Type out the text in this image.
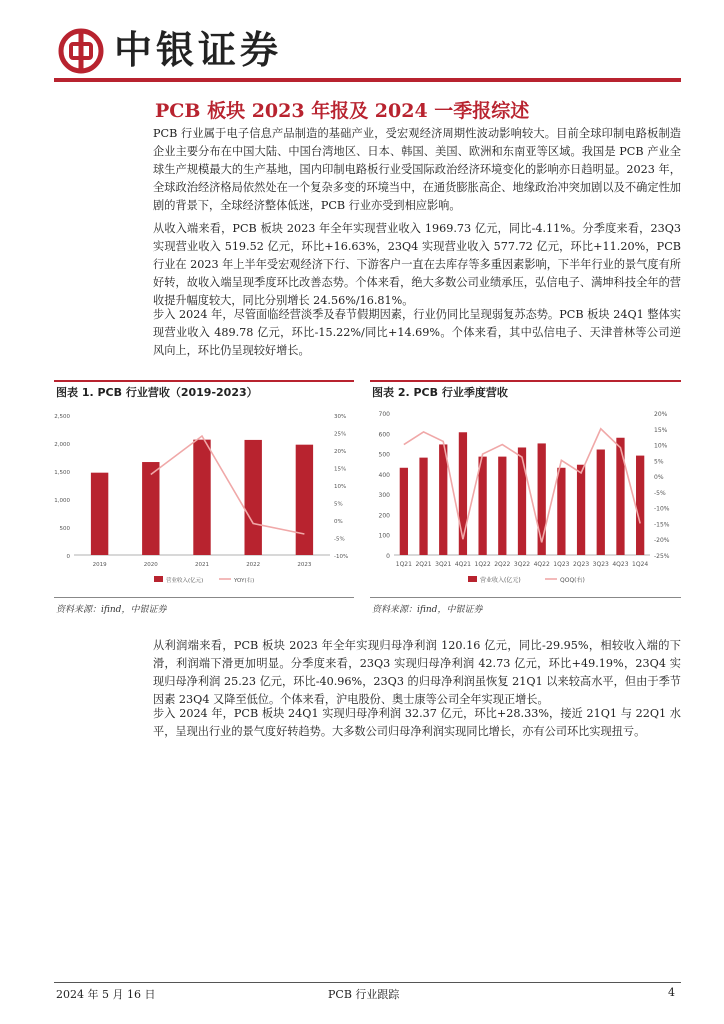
中银证券
PCB 板块 2023 年报及 2024 一季报综述

PCB 行业属于电子信息产品制造的基础产业，受宏观经济周期性波动影响较大。目前全球印制电路板制造企业主要分布在中国大陆、中国台湾地区、日本、韩国、美国、欧洲和东南亚等区域。我国是 PCB 产业全球生产规模最大的生产基地，国内印制电路板行业受国际政治经济环境变化的影响亦日趋明显。2023 年，全球政治经济格局依然处在一个复杂多变的环境当中，在通货膨胀高企、地缘政治冲突加剧以及不确定性加剧的背景下，全球经济整体低迷，PCB 行业亦受到相应影响。

从收入端来看，PCB 板块 2023 年全年实现营业收入 1969.73 亿元，同比-4.11%。分季度来看，23Q3 实现营业收入 519.52 亿元，环比+16.63%，23Q4 实现营业收入 577.72 亿元，环比+11.20%，PCB 行业在 2023 年上半年受宏观经济下行、下游客户一直在去库存等多重因素影响，下半年行业的景气度有所好转，故收入端呈现季度环比改善态势。个体来看，绝大多数公司业绩承压，弘信电子、满坤科技全年的营收提升幅度较大，同比分别增长 24.56%/16.81%。

步入 2024 年，尽管面临经营淡季及春节假期因素，行业仍同比呈现弱复苏态势。PCB 板块 24Q1 整体实现营业收入 489.78 亿元，环比-15.22%/同比+14.69%。个体来看，其中弘信电子、天津普林等公司逆风向上，环比仍呈现较好增长。

图表 1. PCB 行业营收（2019-2023）
0
500
1,000
1,500
2,000
2,500
-10%
-5%
0%
5%
10%
15%
20%
25%
30%
2019	2020	2021	2022	2023
营业收入(亿元)	YOY(右)
资料来源：ifind，中银证券
图表 2. PCB 行业季度营收
0
100
200
300
400
500
600
700
-25%
-20%
-15%
-10%
-5%
0%
5%
10%
15%
20%
1Q21 2Q21 3Q21 4Q21 1Q22 2Q22 3Q22 4Q22 1Q23 2Q23 3Q23 4Q23 1Q24
营业收入(亿元)	QOQ(右)
资料来源：ifind，中银证券

从利润端来看，PCB 板块 2023 年全年实现归母净利润 120.16 亿元，同比-29.95%，相较收入端的下滑，利润端下滑更加明显。分季度来看，23Q3 实现归母净利润 42.73 亿元，环比+49.19%，23Q4 实现归母净利润 25.23 亿元，环比-40.96%，23Q3 的归母净利润虽恢复 21Q1 以来较高水平，但由于季节因素 23Q4 又降至低位。个体来看，沪电股份、奥士康等公司全年实现正增长。

步入 2024 年，PCB 板块 24Q1 实现归母净利润 32.37 亿元，环比+28.33%，接近 21Q1 与 22Q1 水平，呈现出行业的景气度好转趋势。大多数公司归母净利润实现同比增长，亦有公司环比实现扭亏。

2024 年 5 月 16 日	PCB 行业跟踪	4
